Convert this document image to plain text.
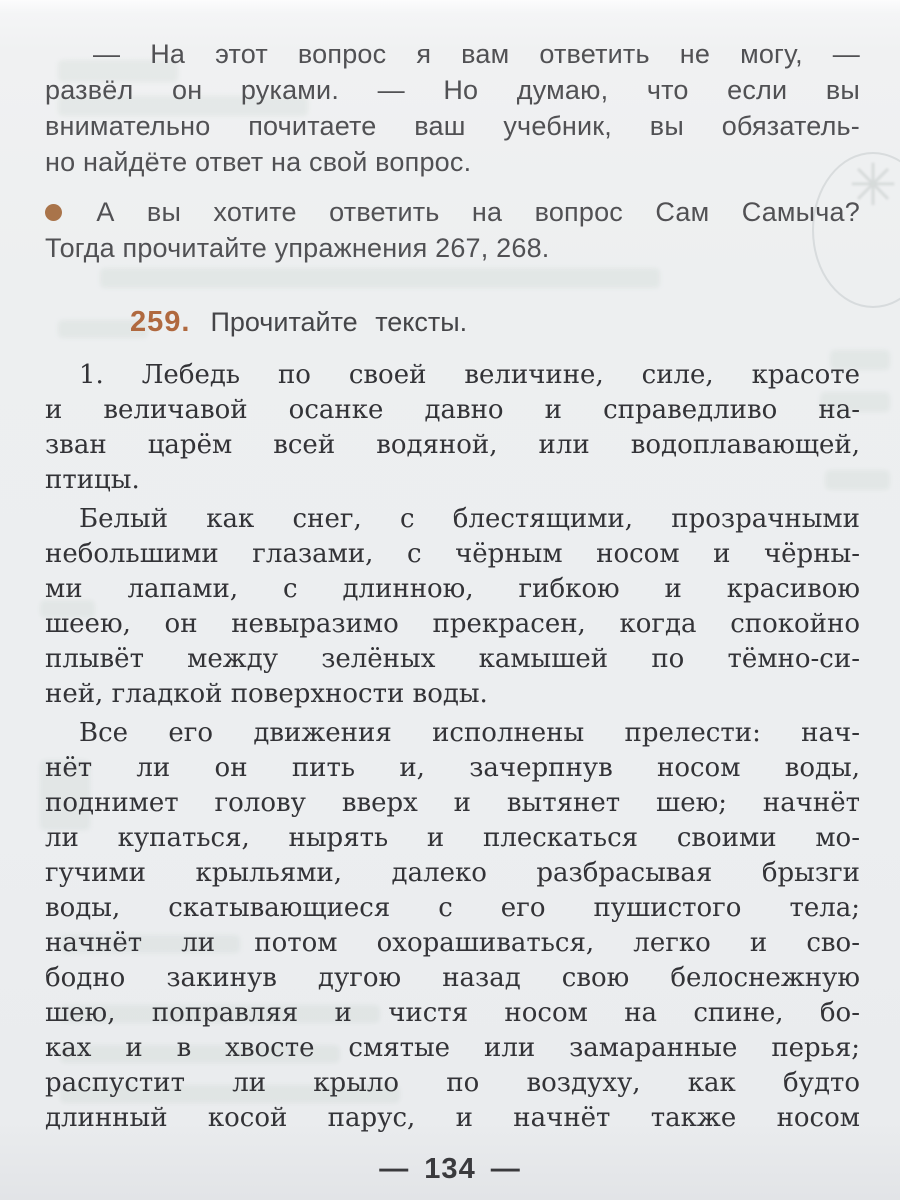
✳
— На этот вопрос я вам ответить не могу, —
развёл он руками. — Но думаю, что если вы
внимательно почитаете ваш учебник, вы обязатель-
но найдёте ответ на свой вопрос.
А вы хотите ответить на вопрос Сам Самыча?
Тогда прочитайте упражнения 267, 268.
259. Прочитайте тексты.
1. Лебедь по своей величине, силе, красоте
и величавой осанке давно и справедливо на-
зван царём всей водяной, или водоплавающей,
птицы.
Белый как снег, с блестящими, прозрачными
небольшими глазами, с чёрным носом и чёрны-
ми лапами, с длинною, гибкою и красивою
шеею, он невыразимо прекрасен, когда спокойно
плывёт между зелёных камышей по тёмно-си-
ней, гладкой поверхности воды.
Все его движения исполнены прелести: нач-
нёт ли он пить и, зачерпнув носом воды,
поднимет голову вверх и вытянет шею; начнёт
ли купаться, нырять и плескаться своими мо-
гучими крыльями, далеко разбрасывая брызги
воды, скатывающиеся с его пушистого тела;
начнёт ли потом охорашиваться, легко и сво-
бодно закинув дугою назад свою белоснежную
шею, поправляя и чистя носом на спине, бо-
ках и в хвосте смятые или замаранные перья;
распустит ли крыло по воздуху, как будто
длинный косой парус, и начнёт также носом
— 134 —
